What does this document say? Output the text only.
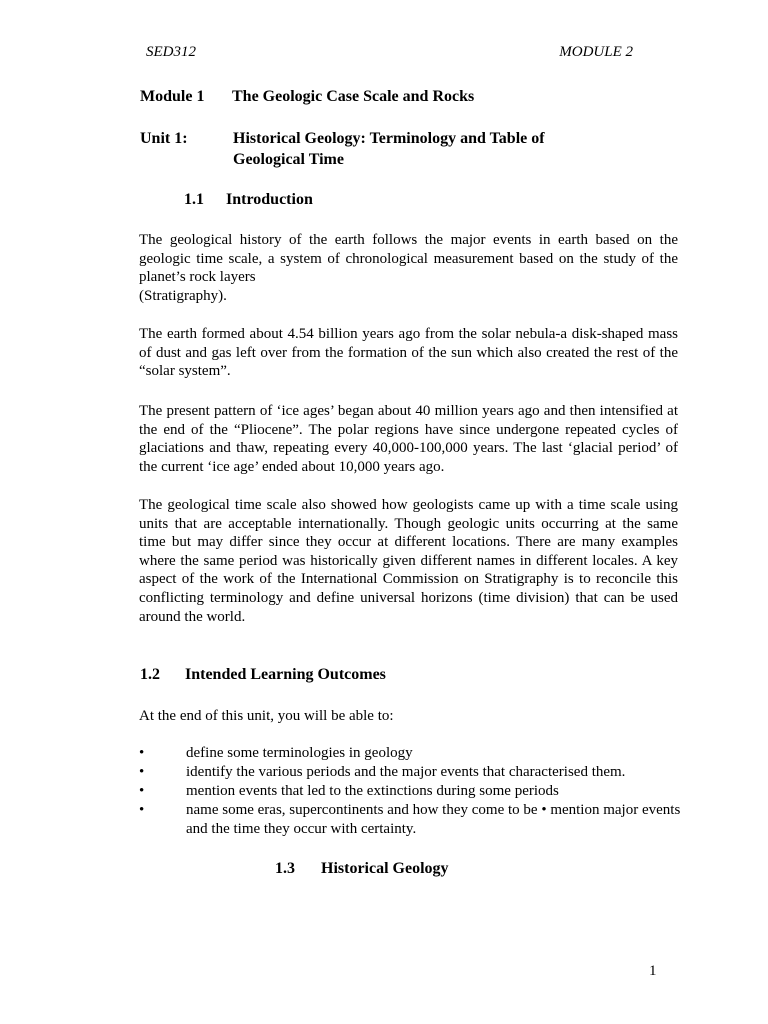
SED312	MODULE 2
Module 1 The Geologic Case Scale and Rocks
Unit 1:	Historical Geology: Terminology and Table of Geological Time
1.1 Introduction
The geological history of the earth follows the major events in earth based on the geologic time scale, a system of chronological measurement based on the study of the planet’s rock layers
(Stratigraphy).
The earth formed about 4.54 billion years ago from the solar nebula-a disk-shaped mass of dust and gas left over from the formation of the sun which also created the rest of the “solar system”.
The present pattern of ‘ice ages’ began about 40 million years ago and then intensified at the end of the “Pliocene”. The polar regions have since undergone repeated cycles of glaciations and thaw, repeating every 40,000-100,000 years. The last ‘glacial period’ of the current ‘ice age’ ended about 10,000 years ago.
The geological time scale also showed how geologists came up with a time scale using units that are acceptable internationally. Though geologic units occurring at the same time but may differ since they occur at different locations. There are many examples where the same period was historically given different names in different locales. A key aspect of the work of the International Commission on Stratigraphy is to reconcile this conflicting terminology and define universal horizons (time division) that can be used around the world.
1.2 Intended Learning Outcomes
At the end of this unit, you will be able to:
•	define some terminologies in geology
•	identify the various periods and the major events that characterised them.
•	mention events that led to the extinctions during some periods
•	name some eras, supercontinents and how they come to be • mention major events and the time they occur with certainty.
1.3 Historical Geology
1
